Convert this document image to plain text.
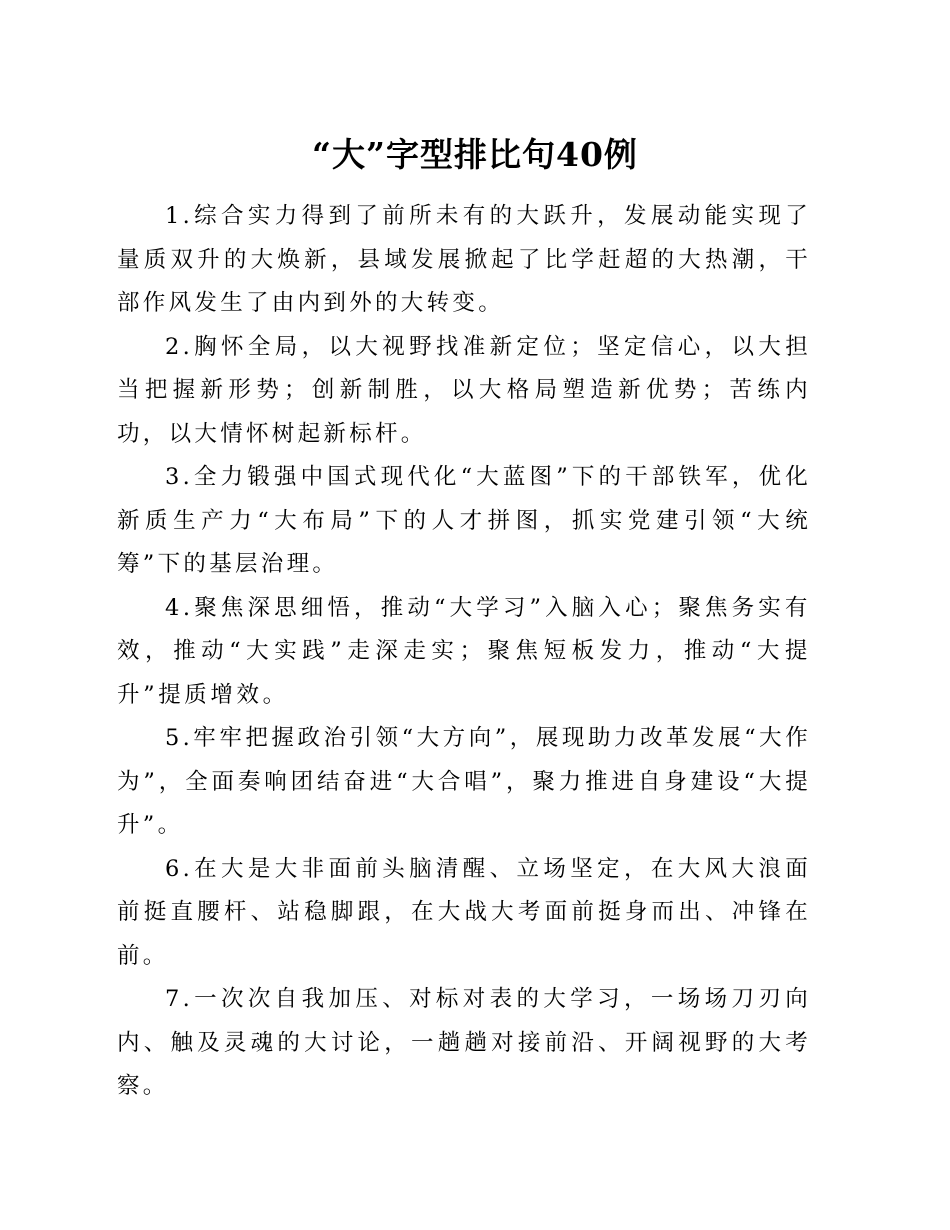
“大”字型排比句40例

1.综合实力得到了前所未有的大跃升，发展动能实现了量质双升的大焕新，县域发展掀起了比学赶超的大热潮，干部作风发生了由内到外的大转变。

2.胸怀全局，以大视野找准新定位；坚定信心，以大担当把握新形势；创新制胜，以大格局塑造新优势；苦练内功，以大情怀树起新标杆。

3.全力锻强中国式现代化“大蓝图”下的干部铁军，优化新质生产力“大布局”下的人才拼图，抓实党建引领“大统筹”下的基层治理。

4.聚焦深思细悟，推动“大学习”入脑入心；聚焦务实有效，推动“大实践”走深走实；聚焦短板发力，推动“大提升”提质增效。

5.牢牢把握政治引领“大方向”，展现助力改革发展“大作为”，全面奏响团结奋进“大合唱”，聚力推进自身建设“大提升”。

6.在大是大非面前头脑清醒、立场坚定，在大风大浪面前挺直腰杆、站稳脚跟，在大战大考面前挺身而出、冲锋在前。

7.一次次自我加压、对标对表的大学习，一场场刀刃向内、触及灵魂的大讨论，一趟趟对接前沿、开阔视野的大考察。
